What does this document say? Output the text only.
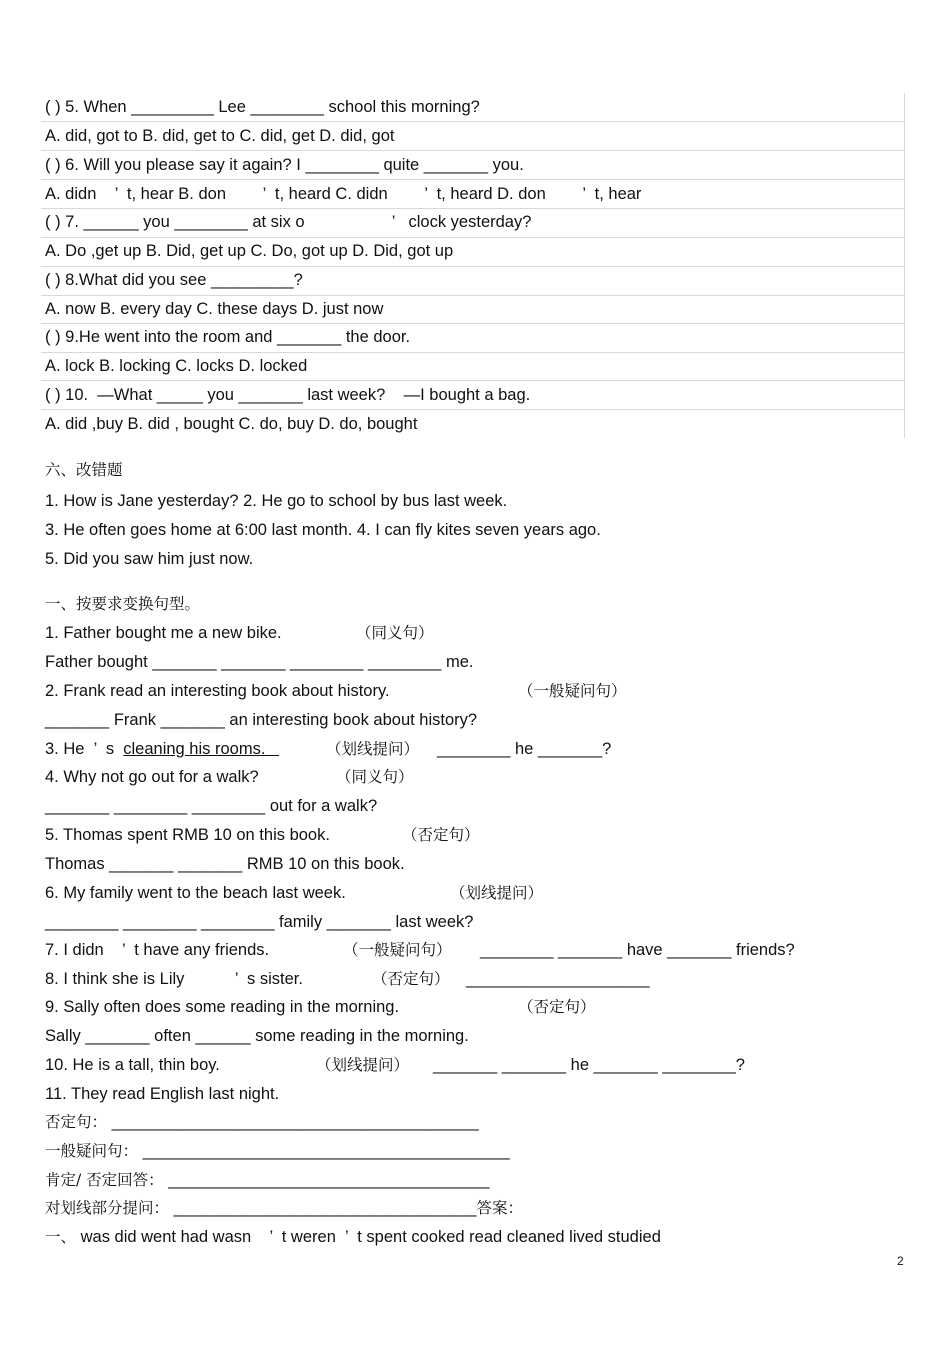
( ) 5. When _________ Lee ________ school this morning?
A. did, got to B. did, get to C. did, get D. did, got
( ) 6. Will you please say it again? I ________ quite _______ you.
A. didn    ’  t, hear B. don        ’  t, heard C. didn        ’  t, heard D. don        ’  t, hear
( ) 7. ______ you ________ at six o                   ’   clock yesterday?
A. Do ,get up B. Did, get up C. Do, got up D. Did, got up
( ) 8.What did you see _________?
A. now B. every day C. these days D. just now
( ) 9.He went into the room and _______ the door.
A. lock B. locking C. locks D. locked
( ) 10.  —What _____ you _______ last week?    —I bought a bag.
A. did ,buy B. did , bought C. do, buy D. do, bought
六、改错题
1. How is Jane yesterday? 2. He go to school by bus last week.
3. He often goes home at 6:00 last month. 4. I can fly kites seven years ago.
5. Did you saw him just now.
一、按要求变换句型。
1. Father bought me a new bike.	（同义句）
Father bought _______ _______ ________ ________ me.
2. Frank read an interesting book about history.	（一般疑问句）
_______ Frank _______ an interesting book about history?
3. He  ’  s  cleaning his rooms.	（划线提问） ________ he _______?
4. Why not go out for a walk?	（同义句）
_______ ________ ________ out for a walk?
5. Thomas spent RMB 10 on this book.	（否定句）
Thomas _______ _______ RMB 10 on this book.
6. My family went to the beach last week.	（划线提问）
________ ________ ________ family _______ last week?
7. I didn    ’  t have any friends.	（一般疑问句） ________ _______ have _______ friends?
8. I think she is Lily           ’  s sister.	（否定句） ____________________
9. Sally often does some reading in the morning.	（否定句）
Sally _______ often ______ some reading in the morning.
10. He is a tall, thin boy.	（划线提问） _______ _______ he _______ ________?
11. They read English last night.
否定句： ________________________________________
一般疑问句： ________________________________________
肯定/ 否定回答： ___________________________________
对划线部分提问： _________________________________答案：
一、 was did went had wasn    ’  t weren  ’  t spent cooked read cleaned lived studied
2
